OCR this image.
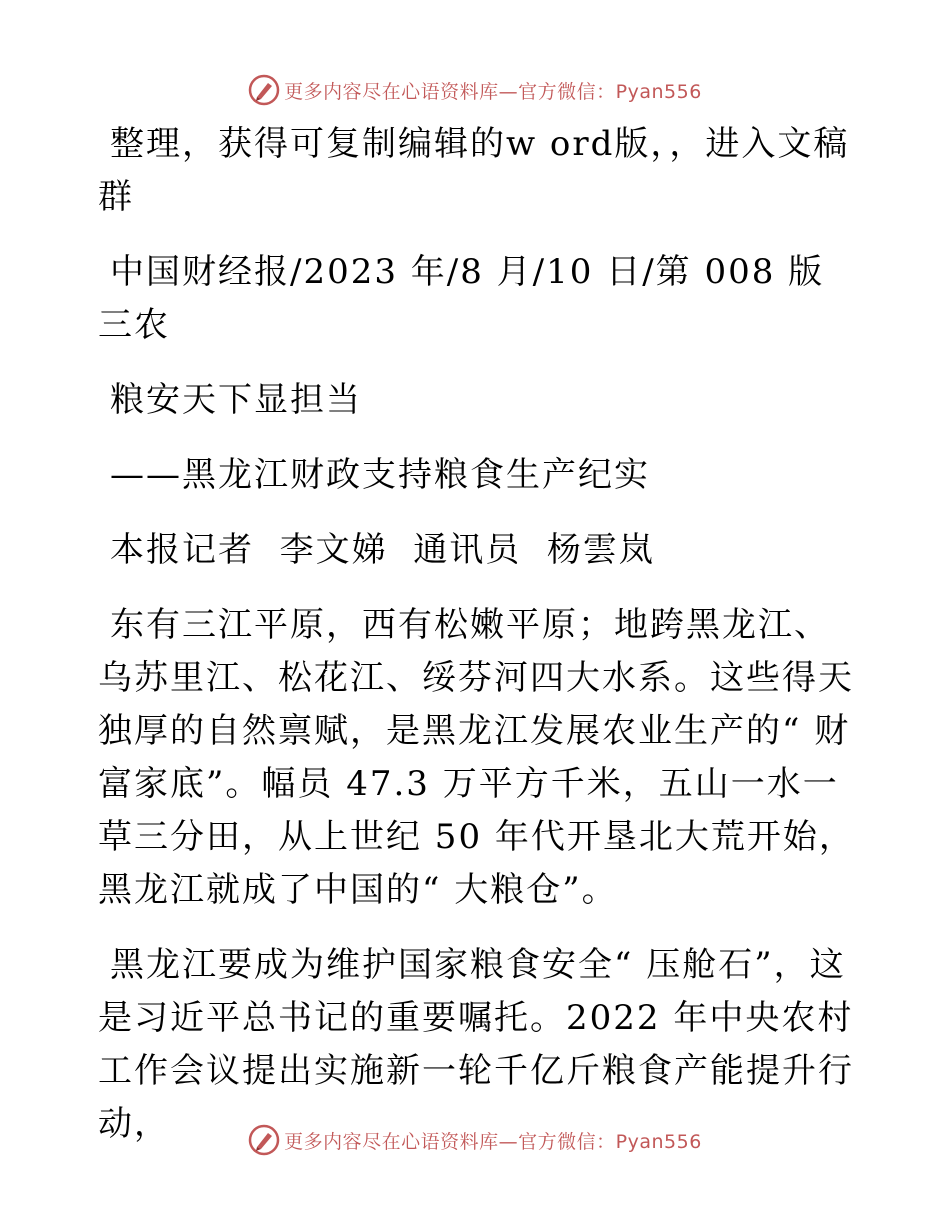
更多内容尽在心语资料库—官方微信：Pyan556

整理，获得可复制编辑的w ord版，，进入文稿群

中国财经报/2023 年/8 月/10 日/第 008 版三农

粮安天下显担当

——黑龙江财政支持粮食生产纪实

本报记者  李文娣  通讯员  杨雲岚

东有三江平原，西有松嫩平原；地跨黑龙江、乌苏里江、松花江、绥芬河四大水系。这些得天独厚的自然禀赋，是黑龙江发展农业生产的“ 财富家底”。幅员 47.3 万平方千米，五山一水一草三分田，从上世纪 50 年代开垦北大荒开始，黑龙江就成了中国的“ 大粮仓”。

黑龙江要成为维护国家粮食安全“ 压舱石”，这是习近平总书记的重要嘱托。2022 年中央农村工作会议提出实施新一轮千亿斤粮食产能提升行动，	更多内容尽在心语资料库—官方微信：Pyan556
